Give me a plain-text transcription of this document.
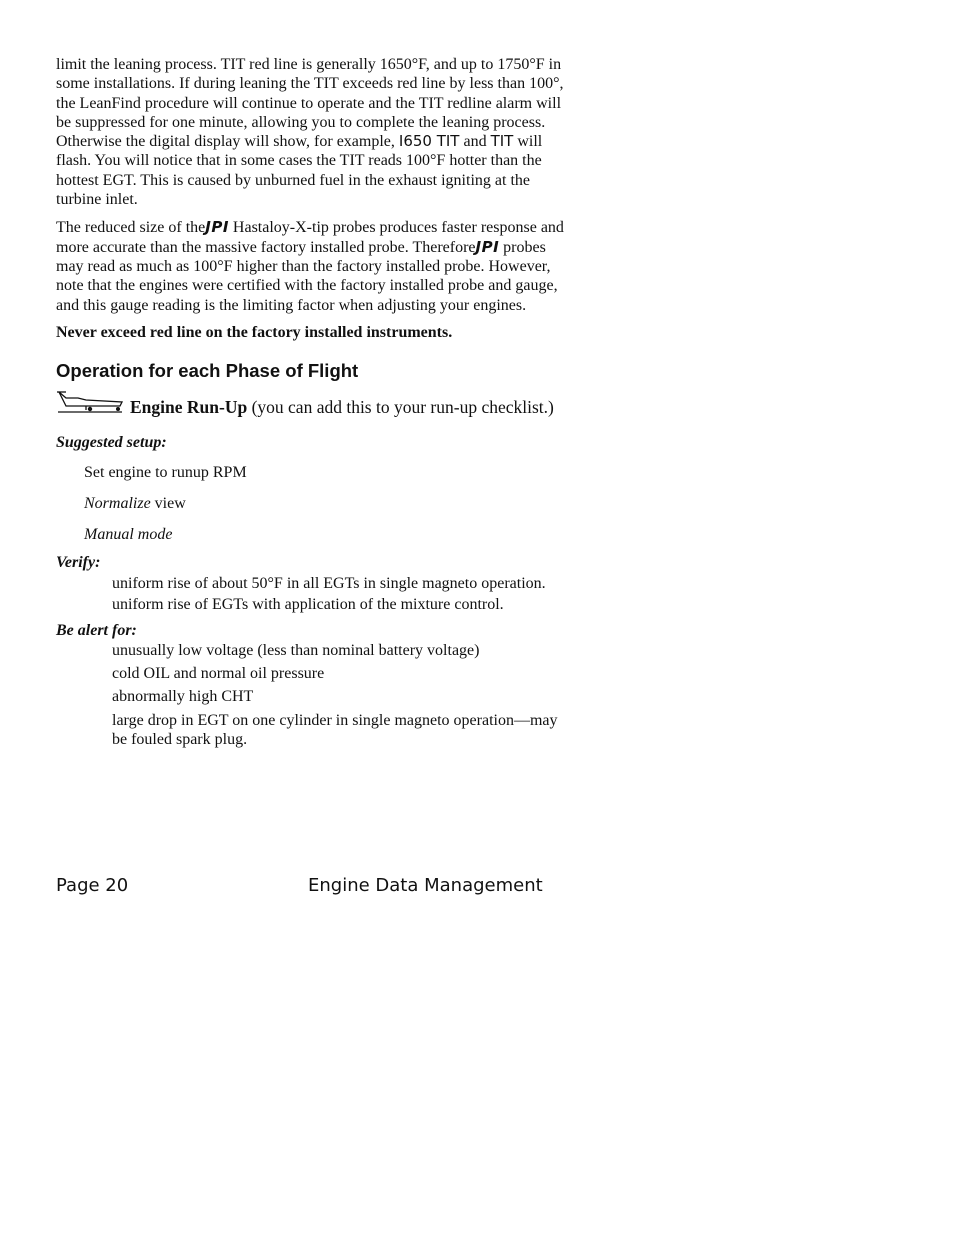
limit the leaning process. TIT red line is generally 1650°F, and up to 1750°F in some installations. If during leaning the TIT exceeds red line by less than 100°, the LeanFind procedure will continue to operate and the TIT redline alarm will be suppressed for one minute, allowing you to complete the leaning process. Otherwise the digital display will show, for example, I650 TIT and TIT will flash. You will notice that in some cases the TIT reads 100°F hotter than the hottest EGT. This is caused by unburned fuel in the exhaust igniting at the turbine inlet.

The reduced size of theJPI Hastaloy-X-tip probes produces faster response and more accurate than the massive factory installed probe. ThereforeJPI probes may read as much as 100°F higher than the factory installed probe. However, note that the engines were certified with the factory installed probe and gauge, and this gauge reading is the limiting factor when adjusting your engines.

Never exceed red line on the factory installed instruments.

Operation for each Phase of Flight

Engine Run-Up (you can add this to your run-up checklist.)

Suggested setup:

Set engine to runup RPM

Normalize view

Manual mode

Verify:

uniform rise of about 50°F in all EGTs in single magneto operation.

uniform rise of EGTs with application of the mixture control.

Be alert for:

unusually low voltage (less than nominal battery voltage)

cold OIL and normal oil pressure

abnormally high CHT

large drop in EGT on one cylinder in single magneto operation—may be fouled spark plug.

Page 20	Engine Data Management
